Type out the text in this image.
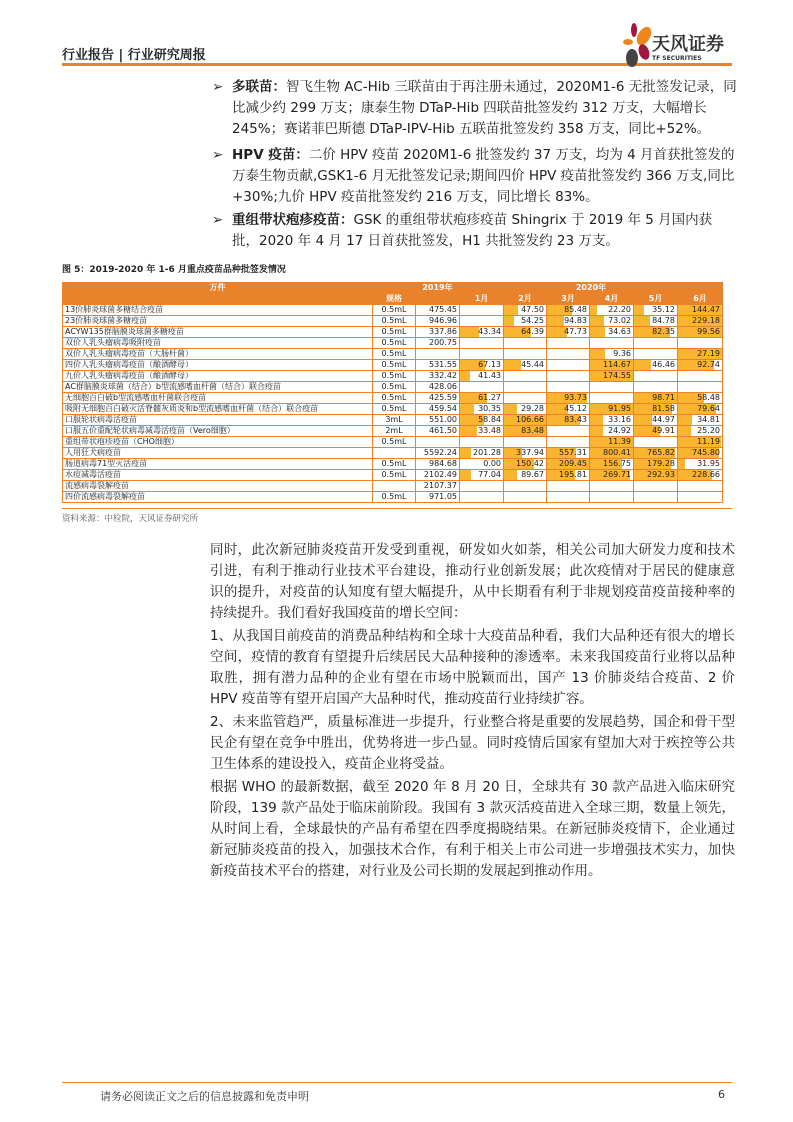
行业报告 | 行业研究周报
天风证券
TF SECURITIES
➢ 多联苗：智飞生物 AC-Hib 三联苗由于再注册未通过，2020M1-6 无批签发记录，同比减少约 299 万支；康泰生物 DTaP-Hib 四联苗批签发约 312 万支，大幅增长 245%；赛诺菲巴斯德 DTaP-IPV-Hib 五联苗批签发约 358 万支，同比+52%。
➢ HPV 疫苗：二价 HPV 疫苗 2020M1-6 批签发约 37 万支，均为 4 月首获批签发的万泰生物贡献,GSK1-6 月无批签发记录;期间四价 HPV 疫苗批签发约 366 万支,同比+30%;九价 HPV 疫苗批签发约 216 万支，同比增长 83%。
➢ 重组带状疱疹疫苗：GSK 的重组带状疱疹疫苗 Shingrix 于 2019 年 5 月国内获批，2020 年 4 月 17 日首获批签发，H1 共批签发约 23 万支。
图 5：2019-2020 年 1-6 月重点疫苗品种批签发情况
万件		2019年	2020年					
	规格		1月	2月	3月	4月	5月	6月
13价肺炎球菌多糖结合疫苗	0.5mL	475.45		47.50	85.48	22.20	35.12	144.47
23价肺炎球菌多糖疫苗	0.5mL	946.96		54.25	94.83	73.02	84.78	229.18
ACYW135群脑膜炎球菌多糖疫苗	0.5mL	337.86	43.34	64.39	47.73	34.63	82.35	99.56
双价人乳头瘤病毒吸附疫苗	0.5mL	200.75						
双价人乳头瘤病毒疫苗（大肠杆菌）	0.5mL					9.36		27.19
四价人乳头瘤病毒疫苗（酿酒酵母）	0.5mL	531.55	67.13	45.44		114.67	46.46	92.74
九价人乳头瘤病毒疫苗（酿酒酵母）	0.5mL	332.42	41.43			174.55		
AC群脑膜炎球菌（结合）b型流感嗜血杆菌（结合）联合疫苗	0.5mL	428.06						
无细胞百白破b型流感嗜血杆菌联合疫苗	0.5mL	425.59	61.27		93.73		98.71	58.48
吸附无细胞百白破灭活脊髓灰质炎和b型流感嗜血杆菌（结合）联合疫苗	0.5mL	459.54	30.35	29.28	45.12	91.95	81.58	79.64
口服轮状病毒活疫苗	3mL	551.00	58.84	106.66	83.43	33.16	44.97	34.81
口服五价重配轮状病毒减毒活疫苗（Vero细胞）	2mL	461.50	33.48	83.48		24.92	49.91	25.20
重组带状疱疹疫苗（CHO细胞）	0.5mL					11.39		11.19
人用狂犬病疫苗		5592.24	201.28	337.94	557.31	800.41	765.82	745.80
肠道病毒71型灭活疫苗	0.5mL	984.68	0.00	150.42	209.45	156.75	179.28	31.95
水痘减毒活疫苗	0.5mL	2102.49	77.04	89.67	195.81	269.71	292.93	228.66
流感病毒裂解疫苗		2107.37						
四价流感病毒裂解疫苗	0.5mL	971.05						
资料来源：中检院，天风证券研究所
同时，此次新冠肺炎疫苗开发受到重视，研发如火如荼，相关公司加大研发力度和技术引进，有利于推动行业技术平台建设，推动行业创新发展；此次疫情对于居民的健康意识的提升，对疫苗的认知度有望大幅提升，从中长期看有利于非规划疫苗疫苗接种率的持续提升。我们看好我国疫苗的增长空间：
1、从我国目前疫苗的消费品种结构和全球十大疫苗品种看，我们大品种还有很大的增长空间，疫情的教育有望提升后续居民大品种接种的渗透率。未来我国疫苗行业将以品种取胜，拥有潜力品种的企业有望在市场中脱颖而出，国产 13 价肺炎结合疫苗、2 价 HPV 疫苗等有望开启国产大品种时代，推动疫苗行业持续扩容。
2、未来监管趋严，质量标准进一步提升，行业整合将是重要的发展趋势，国企和骨干型民企有望在竞争中胜出，优势将进一步凸显。同时疫情后国家有望加大对于疾控等公共卫生体系的建设投入，疫苗企业将受益。
根据 WHO 的最新数据，截至 2020 年 8 月 20 日，全球共有 30 款产品进入临床研究阶段，139 款产品处于临床前阶段。我国有 3 款灭活疫苗进入全球三期，数量上领先，从时间上看，全球最快的产品有希望在四季度揭晓结果。在新冠肺炎疫情下，企业通过新冠肺炎疫苗的投入，加强技术合作，有利于相关上市公司进一步增强技术实力，加快新疫苗技术平台的搭建，对行业及公司长期的发展起到推动作用。
请务必阅读正文之后的信息披露和免责申明	6
